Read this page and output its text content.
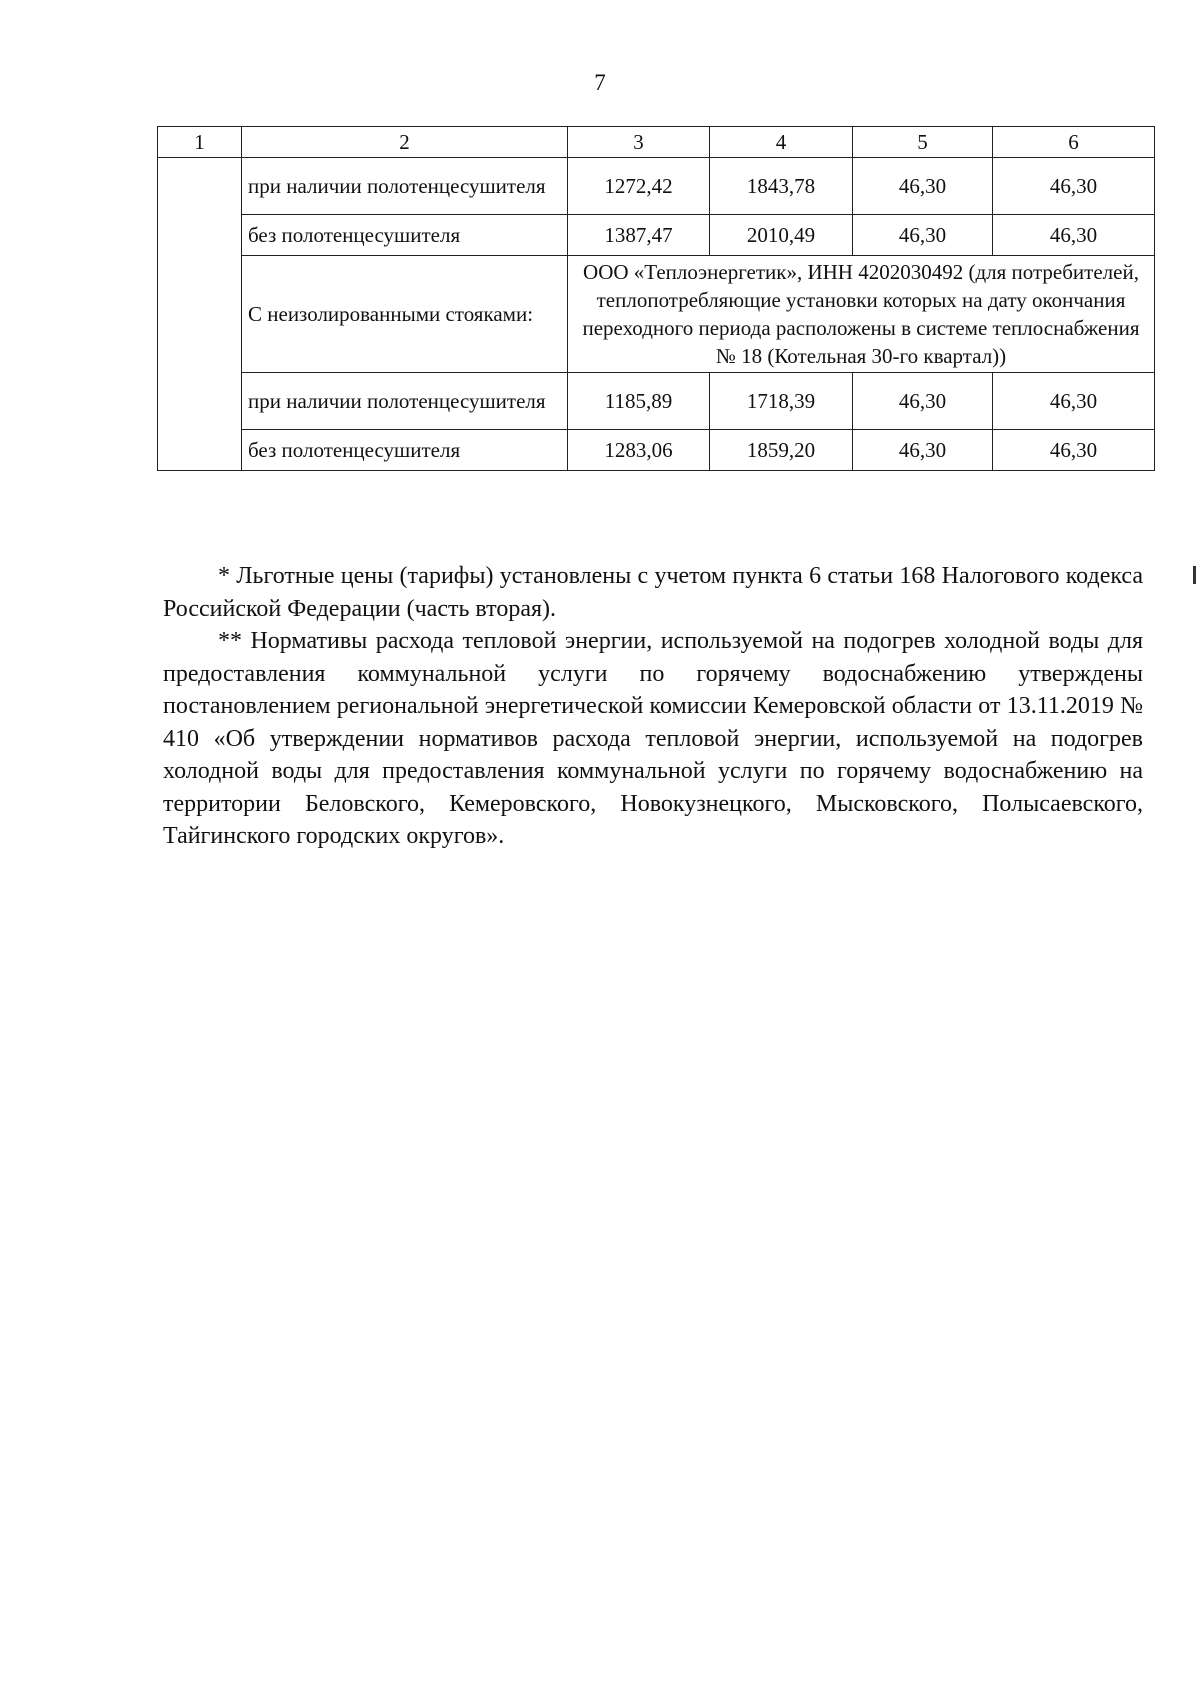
7
1	2	3	4	5	6
	при наличии полотенцесушителя	1272,42	1843,78	46,30	46,30
	без полотенцесушителя	1387,47	2010,49	46,30	46,30
	С неизолированными стояками:	ООО «Теплоэнергетик», ИНН 4202030492 (для потребителей, теплопотребляющие установки которых на дату окончания переходного периода расположены в системе теплоснабжения № 18 (Котельная 30-го квартал))			
	при наличии полотенцесушителя	1185,89	1718,39	46,30	46,30
	без полотенцесушителя	1283,06	1859,20	46,30	46,30

* Льготные цены (тарифы) установлены с учетом пункта 6 статьи 168 Налогового кодекса Российской Федерации (часть вторая).

** Нормативы расхода тепловой энергии, используемой на подогрев холодной воды для предоставления коммунальной услуги по горячему водоснабжению утверждены постановлением региональной энергетической комиссии Кемеровской области от 13.11.2019 № 410 «Об утверждении нормативов расхода тепловой энергии, используемой на подогрев холодной воды для предоставления коммунальной услуги по горячему водоснабжению на территории Беловского, Кемеровского, Новокузнецкого, Мысковского, Полысаевского, Тайгинского городских округов».
